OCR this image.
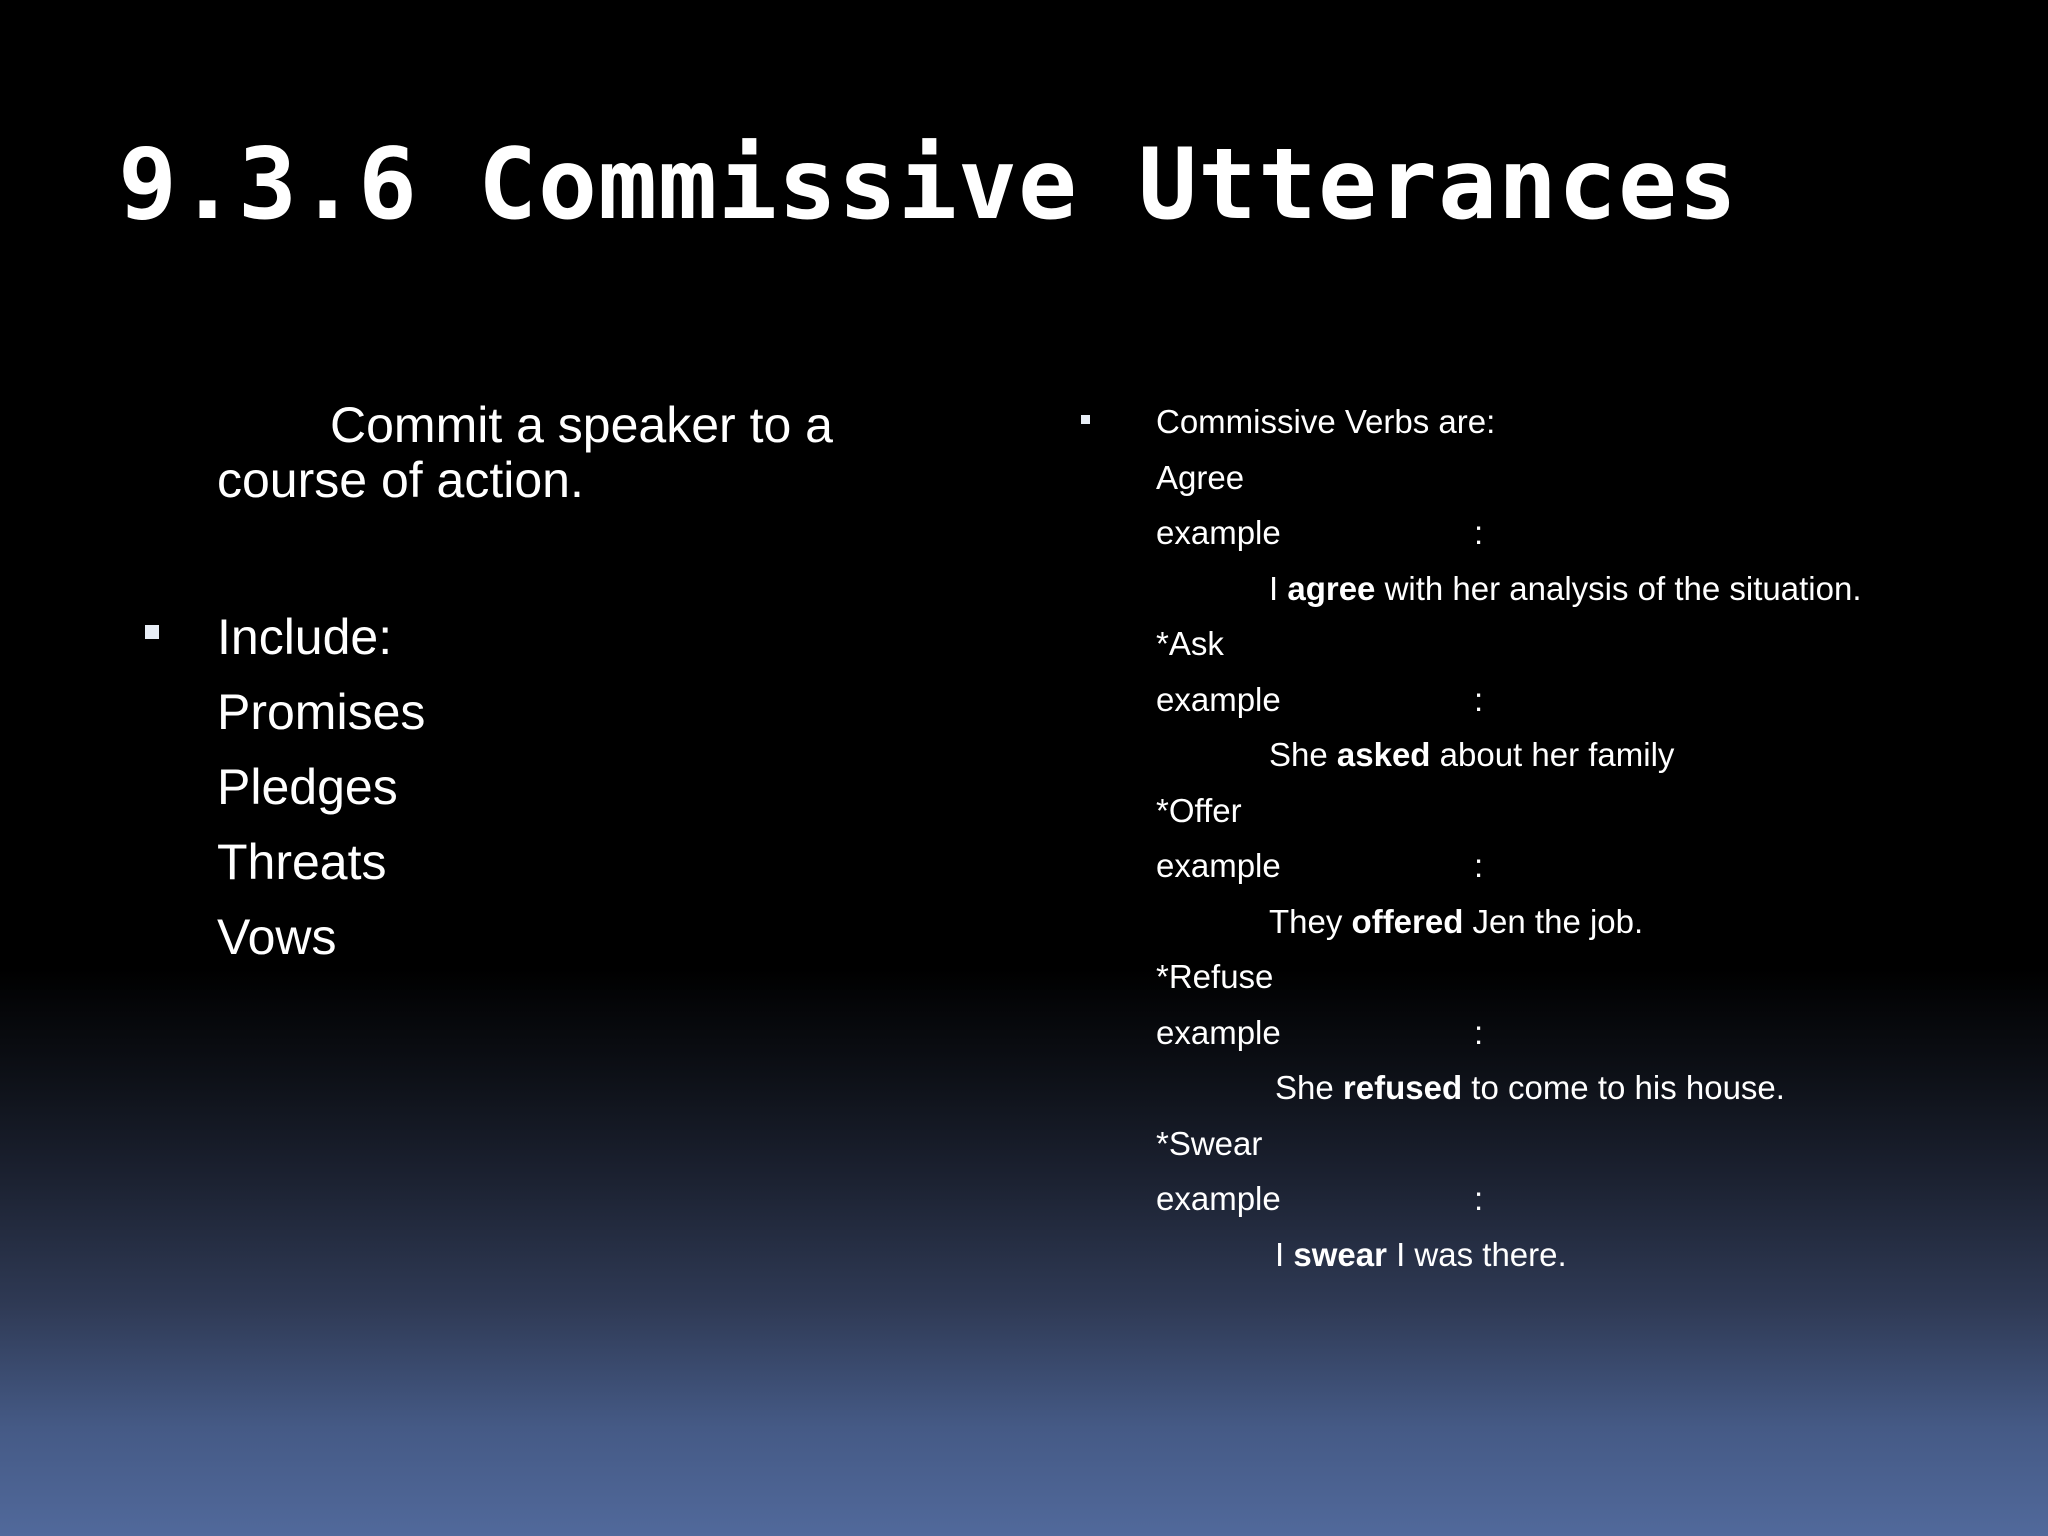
9.3.6 Commissive Utterances
Commit a speaker to a course of action.
Include:
Promises
Pledges
Threats
Vows
Commissive Verbs are:
Agree
example	:
I agree with her analysis of the situation.
*Ask
example	:
She asked about her family
*Offer
example	:
They offered Jen the job.
*Refuse
example	:
She refused to come to his house.
*Swear
example	:
I swear I was there.
